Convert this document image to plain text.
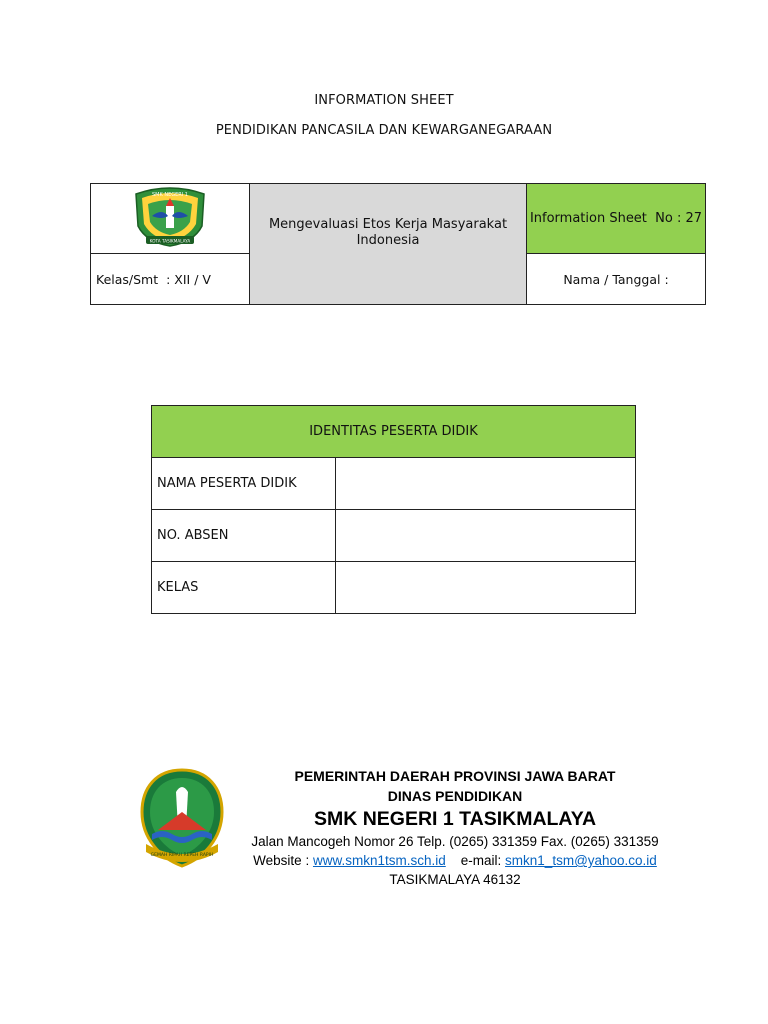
INFORMATION SHEET
PENDIDIKAN PANCASILA DAN KEWARGANEGARAAN
SMK NEGERI 1
KOTA TASIKMALAYA	Mengevaluasi Etos Kerja Masyarakat Indonesia	Information Sheet No : 27
Kelas/Smt  : XII / V		Nama / Tanggal :
IDENTITAS PESERTA DIDIK	
NAMA PESERTA DIDIK	
NO. ABSEN	
KELAS	
GEMAH RIPAH REPEH RAPIH
PEMERINTAH DAERAH PROVINSI JAWA BARAT
DINAS PENDIDIKAN
SMK NEGERI 1 TASIKMALAYA
Jalan Mancogeh Nomor 26 Telp. (0265) 331359 Fax. (0265) 331359
Website : www.smkn1tsm.sch.id e-mail: smkn1_tsm@yahoo.co.id
TASIKMALAYA 46132
